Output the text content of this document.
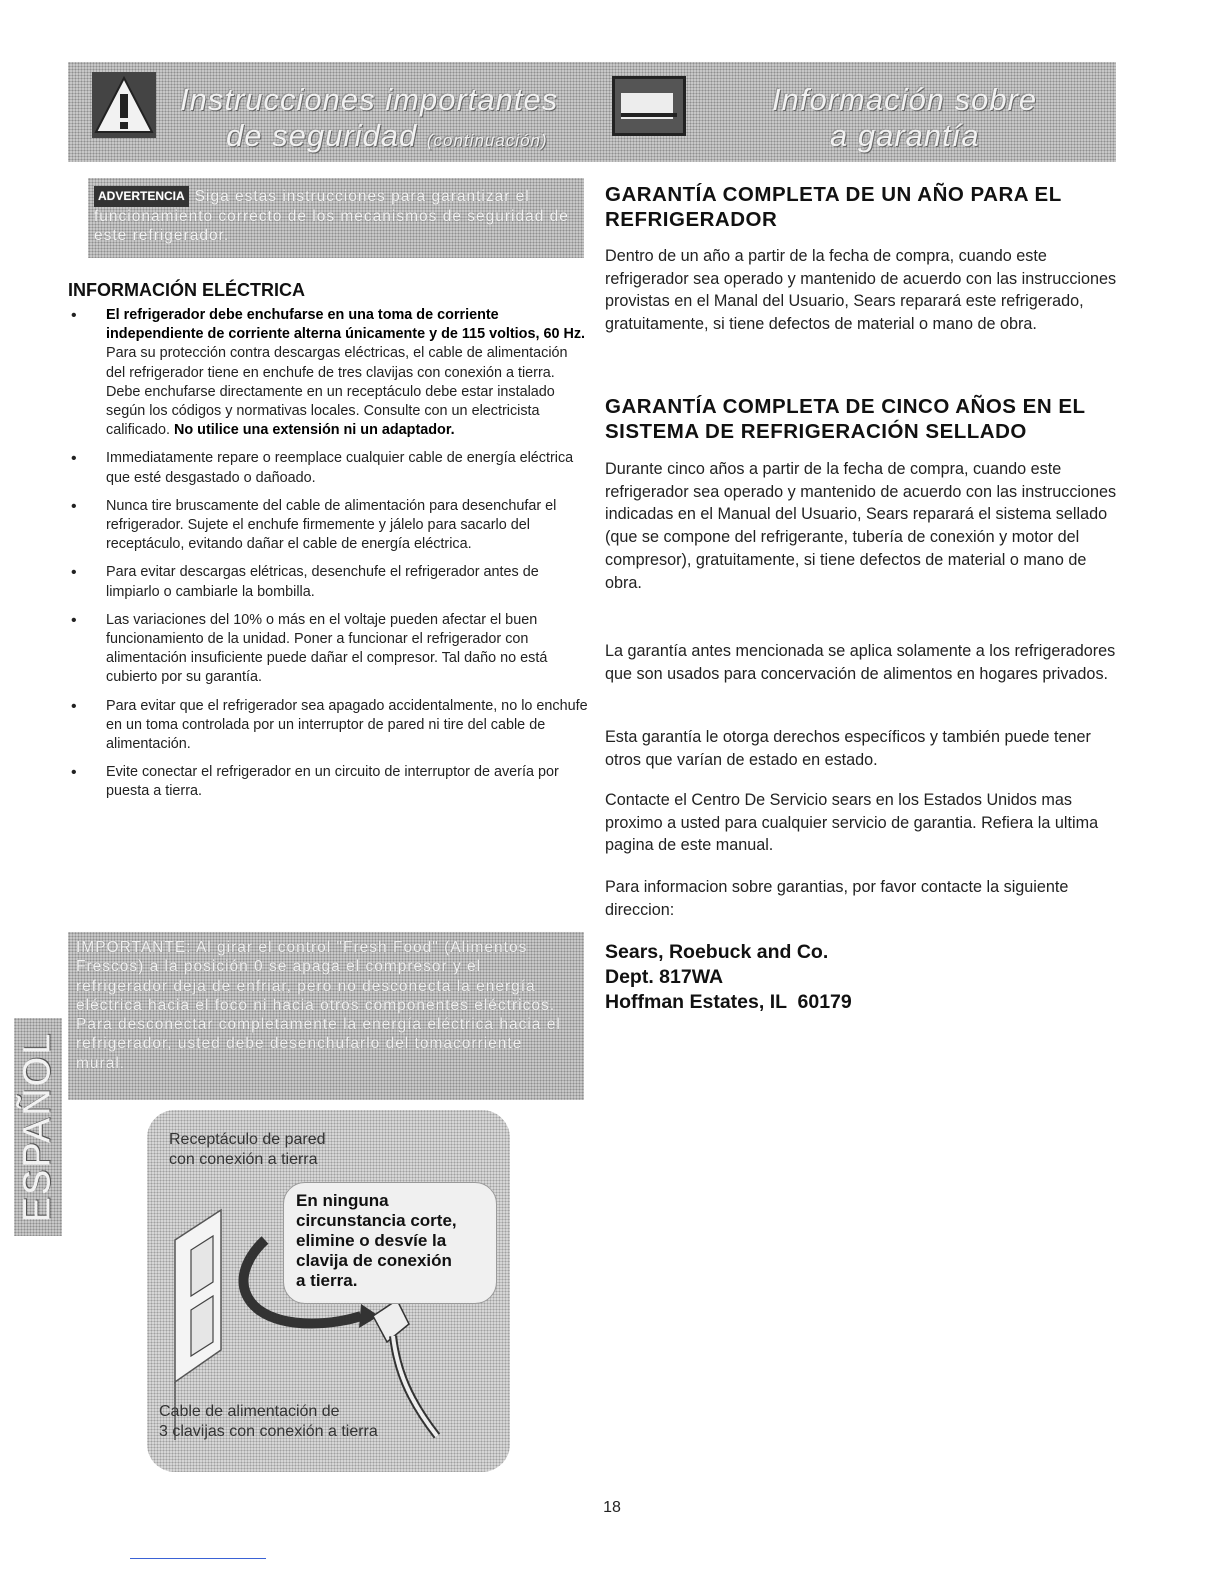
Instrucciones importantes
de seguridad (continuación)
Información sobre
a garantía
ADVERTENCIA Siga estas instrucciones para garantizar el funcionamiento correcto de los mecanismos de seguridad de este refrigerador.
INFORMACIÓN ELÉCTRICA
• El refrigerador debe enchufarse en una toma de corriente independiente de corriente alterna únicamente y de 115 voltios, 60 Hz. Para su protección contra descargas eléctricas, el cable de alimentación del refrigerador tiene en enchufe de tres clavijas con conexión a tierra. Debe enchufarse directamente en un receptáculo debe estar instalado según los códigos y normativas locales. Consulte con un electricista calificado. No utilice una extensión ni un adaptador.
• Immediatamente repare o reemplace cualquier cable de energía eléctrica que esté desgastado o dañoado.
• Nunca tire bruscamente del cable de alimentación para desenchufar el refrigerador. Sujete el enchufe firmemente y jálelo para sacarlo del receptáculo, evitando dañar el cable de energía eléctrica.
• Para evitar descargas elétricas, desenchufe el refrigerador antes de limpiarlo o cambiarle la bombilla.
• Las variaciones del 10% o más en el voltaje pueden afectar el buen funcionamiento de la unidad. Poner a funcionar el refrigerador con alimentación insuficiente puede dañar el compresor. Tal daño no está cubierto por su garantía.
• Para evitar que el refrigerador sea apagado accidentalmente, no lo enchufe en un toma controlada por un interruptor de pared ni tire del cable de alimentación.
• Evite conectar el refrigerador en un circuito de interruptor de avería por puesta a tierra.
IMPORTANTE: Al girar el control "Fresh Food" (Alimentos Frescos) a la posición 0 se apaga el compresor y el refrigerador deja de enfriar, pero no desconecta la energía eléctrica hacia el foco ni hacia otros componentes eléctricos. Para desconectar completamente la energía eléctrica hacia el refrigerador, usted debe desenchufarlo del tomacorriente mural.
ESPAÑOL	Receptáculo de pared
con conexión a tierra
En ninguna
circunstancia corte,
elimine o desvíe la
clavija de conexión
a tierra.
Cable de alimentación de
3 clavijas con conexión a tierra
GARANTÍA COMPLETA DE UN AÑO PARA EL REFRIGERADOR

Dentro de un año a partir de la fecha de compra, cuando este refrigerador sea operado y mantenido de acuerdo con las instrucciones provistas en el Manal del Usuario, Sears reparará este refrigerado, gratuitamente, si tiene defectos de material o mano de obra.

GARANTÍA COMPLETA DE CINCO AÑOS EN EL SISTEMA DE REFRIGERACIÓN SELLADO

Durante cinco años a partir de la fecha de compra, cuando este refrigerador sea operado y mantenido de acuerdo con las instrucciones indicadas en el Manual del Usuario, Sears reparará el sistema sellado (que se compone del refrigerante, tubería de conexión y motor del compresor), gratuitamente, si tiene defectos de material o mano de obra.

La garantía antes mencionada se aplica solamente a los refrigeradores que son usados para concervación de alimentos en hogares privados.

Esta garantía le otorga derechos específicos y también puede tener otros que varían de estado en estado.

Contacte el Centro De Servicio sears en los Estados Unidos mas proximo a usted para cualquier servicio de garantia. Refiera la ultima pagina de este manual.

Para informacion sobre garantias, por favor contacte la siguiente direccion:

Sears, Roebuck and Co.
Dept. 817WA
Hoffman Estates, IL  60179
18
